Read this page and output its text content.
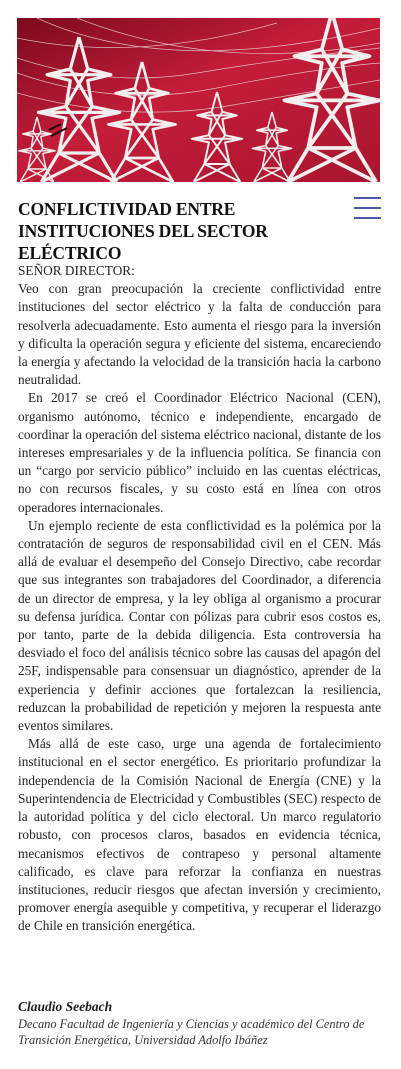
CONFLICTIVIDAD ENTRE INSTITUCIONES DEL SECTOR ELÉCTRICO

SEÑOR DIRECTOR:

Veo con gran preocupación la creciente conflictividad entre instituciones del sector eléctrico y la falta de conducción para resolverla adecuadamente. Esto aumenta el riesgo para la inversión y dificulta la operación segura y eficiente del sistema, encareciendo la energía y afectando la velocidad de la transición hacia la carbono neutralidad.

En 2017 se creó el Coordinador Eléctrico Nacional (CEN), organismo autónomo, técnico e independiente, encargado de coordinar la operación del sistema eléctrico nacional, distante de los intereses empresariales y de la influencia política. Se financia con un “cargo por servicio público” incluido en las cuentas eléctricas, no con recursos fiscales, y su costo está en línea con otros operadores internacionales.

Un ejemplo reciente de esta conflictividad es la polémica por la contratación de seguros de responsabilidad civil en el CEN. Más allá de evaluar el desempeño del Consejo Directivo, cabe recordar que sus integrantes son trabajadores del Coordinador, a diferencia de un director de empresa, y la ley obliga al organismo a procurar su defensa jurídica. Contar con pólizas para cubrir esos costos es, por tanto, parte de la debida diligencia. Esta controversia ha desviado el foco del análisis técnico sobre las causas del apagón del 25F, indispensable para consensuar un diagnóstico, aprender de la experiencia y definir acciones que fortalezcan la resiliencia, reduzcan la probabilidad de repetición y mejoren la respuesta ante eventos similares.

Más allá de este caso, urge una agenda de fortalecimiento institucional en el sector energético. Es prioritario profundizar la independencia de la Comisión Nacional de Energía (CNE) y la Superintendencia de Electricidad y Combustibles (SEC) respecto de la autoridad política y del ciclo electoral. Un marco regulatorio robusto, con procesos claros, basados en evidencia técnica, mecanismos efectivos de contrapeso y personal altamente calificado, es clave para reforzar la confianza en nuestras instituciones, reducir riesgos que afectan inversión y crecimiento, promover energía asequible y competitiva, y recuperar el liderazgo de Chile en transición energética.

Claudio Seebach

Decano Facultad de Ingeniería y Ciencias y académico del Centro de Transición Energética, Universidad Adolfo Ibáñez
